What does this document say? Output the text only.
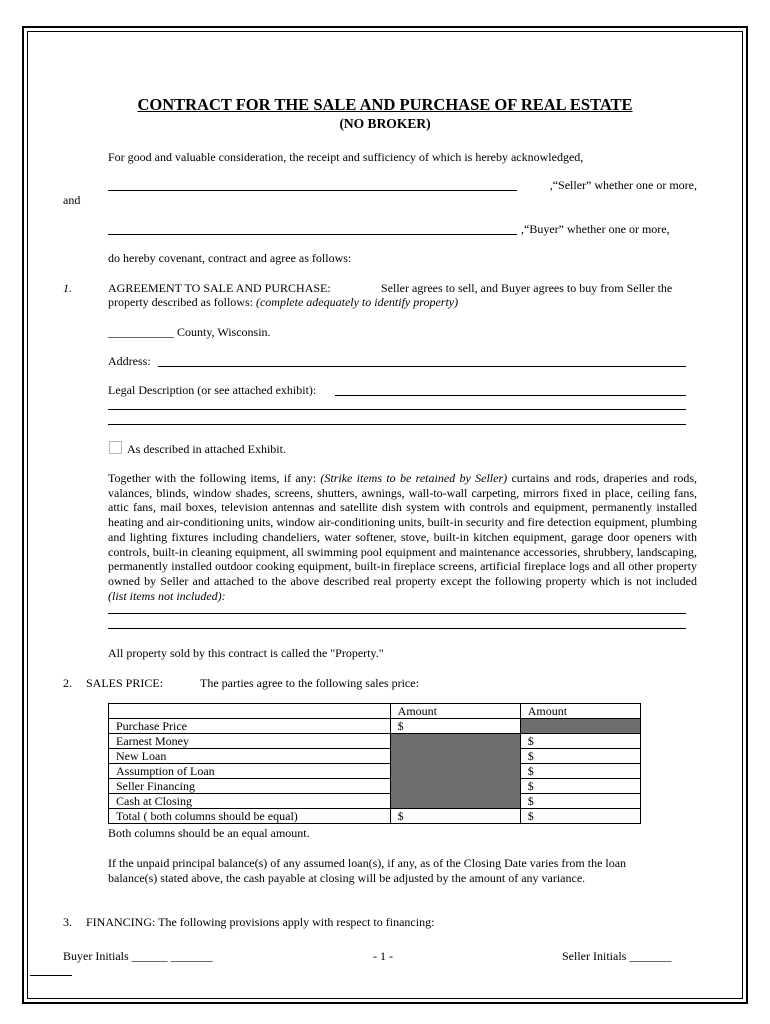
CONTRACT FOR THE SALE AND PURCHASE OF REAL ESTATE
(NO BROKER)
For good and valuable consideration, the receipt and sufficiency of which is hereby acknowledged,
,“Seller” whether one or more,
and
,“Buyer” whether one or more,
do hereby covenant, contract and agree as follows:
1.	AGREEMENT TO SALE AND PURCHASE:	Seller agrees to sell, and Buyer agrees to buy from Seller the
property described as follows: (complete adequately to identify property)
___________ County, Wisconsin.
Address:
Legal Description (or see attached exhibit):
As described in attached Exhibit.
Together with the following items, if any: (Strike items to be retained by Seller) curtains and rods, draperies and rods, valances, blinds, window shades, screens, shutters, awnings, wall-to-wall carpeting, mirrors fixed in place, ceiling fans, attic fans, mail boxes, television antennas and satellite dish system with controls and equipment, permanently installed heating and air-conditioning units, window air-conditioning units, built-in security and fire detection equipment, plumbing and lighting fixtures including chandeliers, water softener, stove, built-in kitchen equipment, garage door openers with controls, built-in cleaning equipment, all swimming pool equipment and maintenance accessories, shrubbery, landscaping, permanently installed outdoor cooking equipment, built-in fireplace screens, artificial fireplace logs and all other property owned by Seller and attached to the above described real property except the following property which is not included (list items not included):
All property sold by this contract is called the "Property."
2. SALES PRICE:	The parties agree to the following sales price:
	Amount	Amount
Purchase Price	$	
Earnest Money		$
New Loan		$
Assumption of Loan		$
Seller Financing		$
Cash at Closing		$
Total ( both columns should be equal)	$	$
Both columns should be an equal amount.
If the unpaid principal balance(s) of any assumed loan(s), if any, as of the Closing Date varies from the loan
balance(s) stated above, the cash payable at closing will be adjusted by the amount of any variance.
3. FINANCING: The following provisions apply with respect to financing:
Buyer Initials ______ _______	- 1 -	Seller Initials _______
